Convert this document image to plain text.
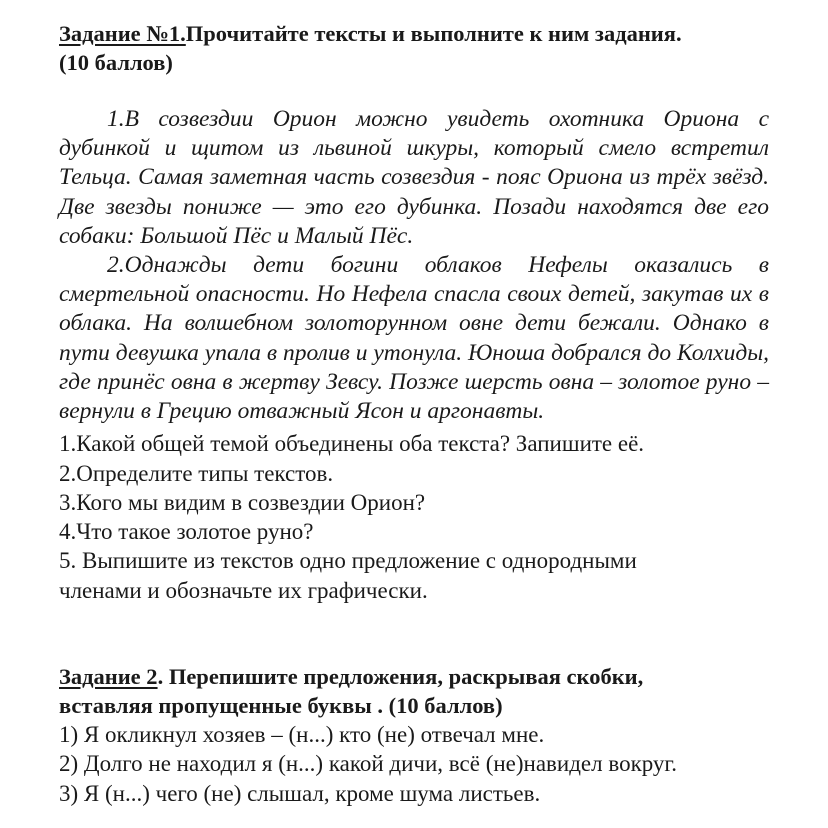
Задание №1.Прочитайте тексты и выполните к ним задания.
(10 баллов)

1.В созвездии Орион можно увидеть охотника Ориона с дубинкой и щитом из львиной шкуры, который смело встретил Тельца. Самая заметная часть созвездия - пояс Ориона из трёх звёзд. Две звезды пониже — это его дубинка. Позади находятся две его собаки: Большой Пёс и Малый Пёс.

2.Однажды дети богини облаков Нефелы оказались в смертельной опасности. Но Нефела спасла своих детей, закутав их в облака. На волшебном золоторунном овне дети бежали. Однако в пути девушка упала в пролив и утонула. Юноша добрался до Колхиды, где принёс овна в жертву Зевсу. Позже шерсть овна – золотое руно – вернули в Грецию отважный Ясон и аргонавты.

1.Какой общей темой объединены оба текста? Запишите её.
2.Определите типы текстов.
3.Кого мы видим в созвездии Орион?
4.Что такое золотое руно?
5. Выпишите из текстов одно предложение с однородными членами и обозначьте их графически.
Задание 2. Перепишите предложения, раскрывая скобки,
вставляя пропущенные буквы . (10 баллов)
1) Я окликнул хозяев – (н...) кто (не) отвечал мне.
2) Долго не находил я (н...) какой дичи, всё (не)навидел вокруг.
3) Я (н...) чего (не) слышал, кроме шума листьев.
